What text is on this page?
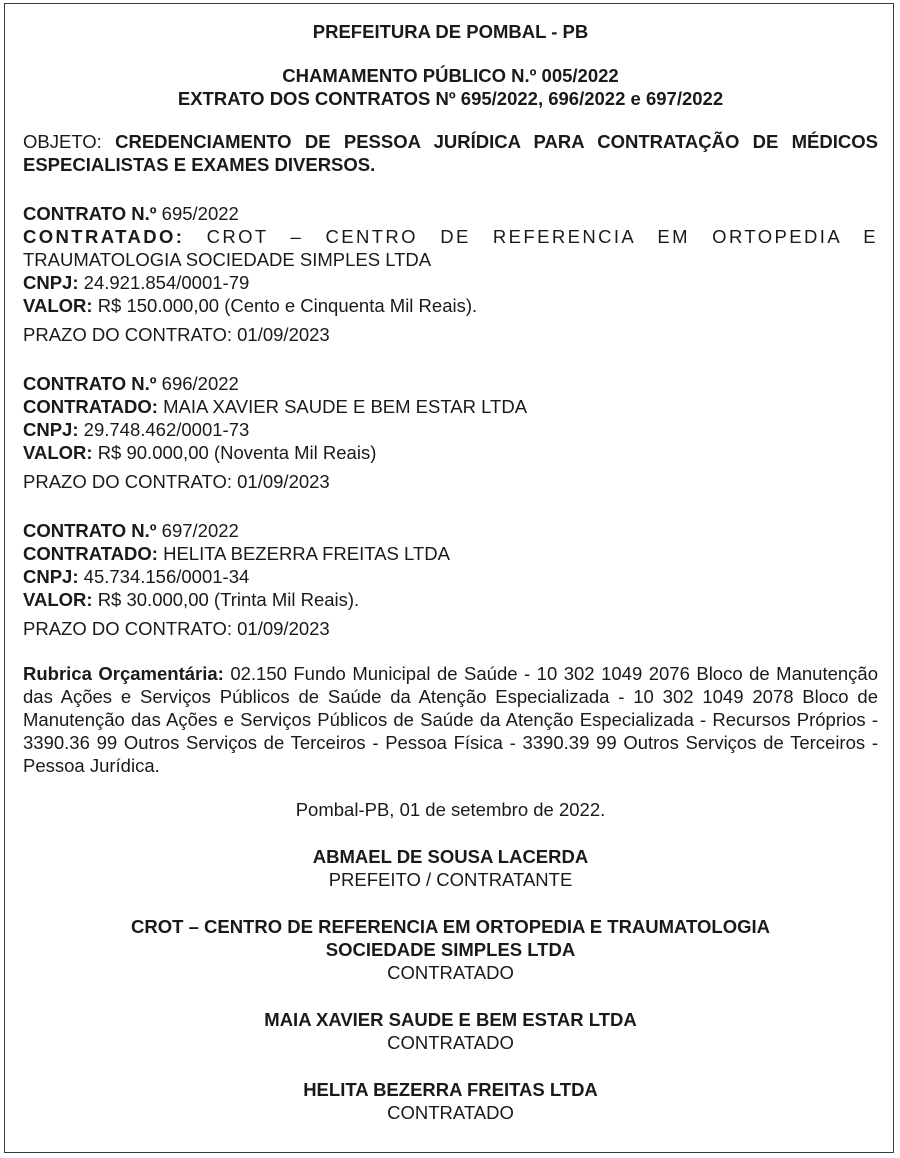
PREFEITURA DE POMBAL - PB
CHAMAMENTO PÚBLICO N.º 005/2022
EXTRATO DOS CONTRATOS Nº 695/2022, 696/2022 e 697/2022
OBJETO: CREDENCIAMENTO DE PESSOA JURÍDICA PARA CONTRATAÇÃO DE MÉDICOS ESPECIALISTAS E EXAMES DIVERSOS.
CONTRATO N.º 695/2022
CONTRATADO: CROT – CENTRO DE REFERENCIA EM ORTOPEDIA E
TRAUMATOLOGIA SOCIEDADE SIMPLES LTDA
CNPJ: 24.921.854/0001-79
VALOR: R$ 150.000,00 (Cento e Cinquenta Mil Reais).
PRAZO DO CONTRATO: 01/09/2023
CONTRATO N.º 696/2022
CONTRATADO: MAIA XAVIER SAUDE E BEM ESTAR LTDA
CNPJ: 29.748.462/0001-73
VALOR: R$ 90.000,00 (Noventa Mil Reais)
PRAZO DO CONTRATO: 01/09/2023
CONTRATO N.º 697/2022
CONTRATADO: HELITA BEZERRA FREITAS LTDA
CNPJ: 45.734.156/0001-34
VALOR: R$ 30.000,00 (Trinta Mil Reais).
PRAZO DO CONTRATO: 01/09/2023
Rubrica Orçamentária: 02.150 Fundo Municipal de Saúde - 10 302 1049 2076 Bloco de Manutenção das Ações e Serviços Públicos de Saúde da Atenção Especializada - 10 302 1049 2078 Bloco de Manutenção das Ações e Serviços Públicos de Saúde da Atenção Especializada - Recursos Próprios - 3390.36 99 Outros Serviços de Terceiros - Pessoa Física - 3390.39 99 Outros Serviços de Terceiros - Pessoa Jurídica.
Pombal-PB, 01 de setembro de 2022.
ABMAEL DE SOUSA LACERDA
PREFEITO / CONTRATANTE
CROT – CENTRO DE REFERENCIA EM ORTOPEDIA E TRAUMATOLOGIA
SOCIEDADE SIMPLES LTDA
CONTRATADO
MAIA XAVIER SAUDE E BEM ESTAR LTDA
CONTRATADO
HELITA BEZERRA FREITAS LTDA
CONTRATADO
